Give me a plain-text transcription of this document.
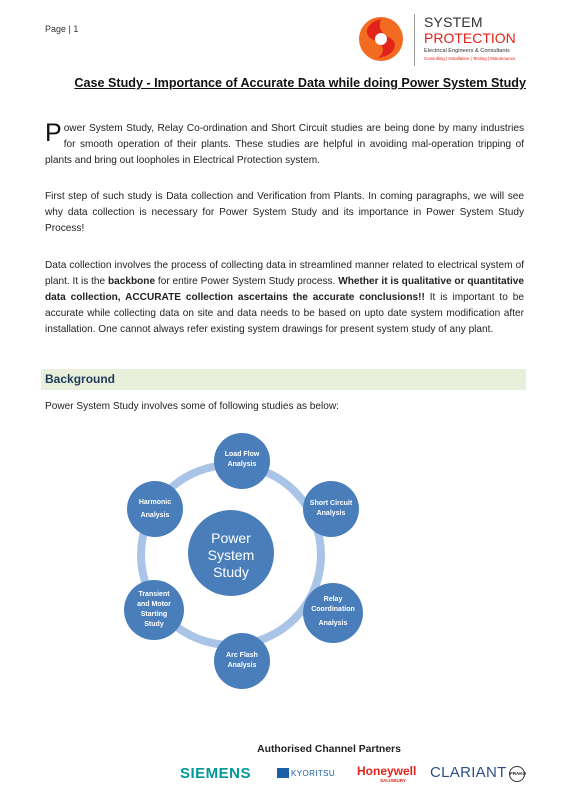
Page | 1	SYSTEM
PROTECTION
Electrical Engineers & Consultants
Consulting | Installation | Testing | Maintenance
Case Study - Importance of Accurate Data while doing Power System Study
Power System Study, Relay Co-ordination and Short Circuit studies are being done by many industries for smooth operation of their plants. These studies are helpful in avoiding mal-operation tripping of plants and bring out loopholes in Electrical Protection system.
First step of such study is Data collection and Verification from Plants. In coming paragraphs, we will see why data collection is necessary for Power System Study and its importance in Power System Study Process!
Data collection involves the process of collecting data in streamlined manner related to electrical system of plant. It is the backbone for entire Power System Study process. Whether it is qualitative or quantitative data collection, ACCURATE collection ascertains the accurate conclusions!! It is important to be accurate while collecting data on site and data needs to be based on upto date system modification after installation. One cannot always refer existing system drawings for present system study of any plant.
Background
Power System Study involves some of following studies as below:
Power
System
Study
Load Flow
Analysis
Short Circuit
Analysis
Relay
Coordination
Analysis
Arc Flash
Analysis
Transient
and Motor
Starting
Study
Harmonic
Analysis
Authorised Channel Partners
SIEMENS	KYORITSU Honeywell
SALISBURY CLARIANT FRAKO
